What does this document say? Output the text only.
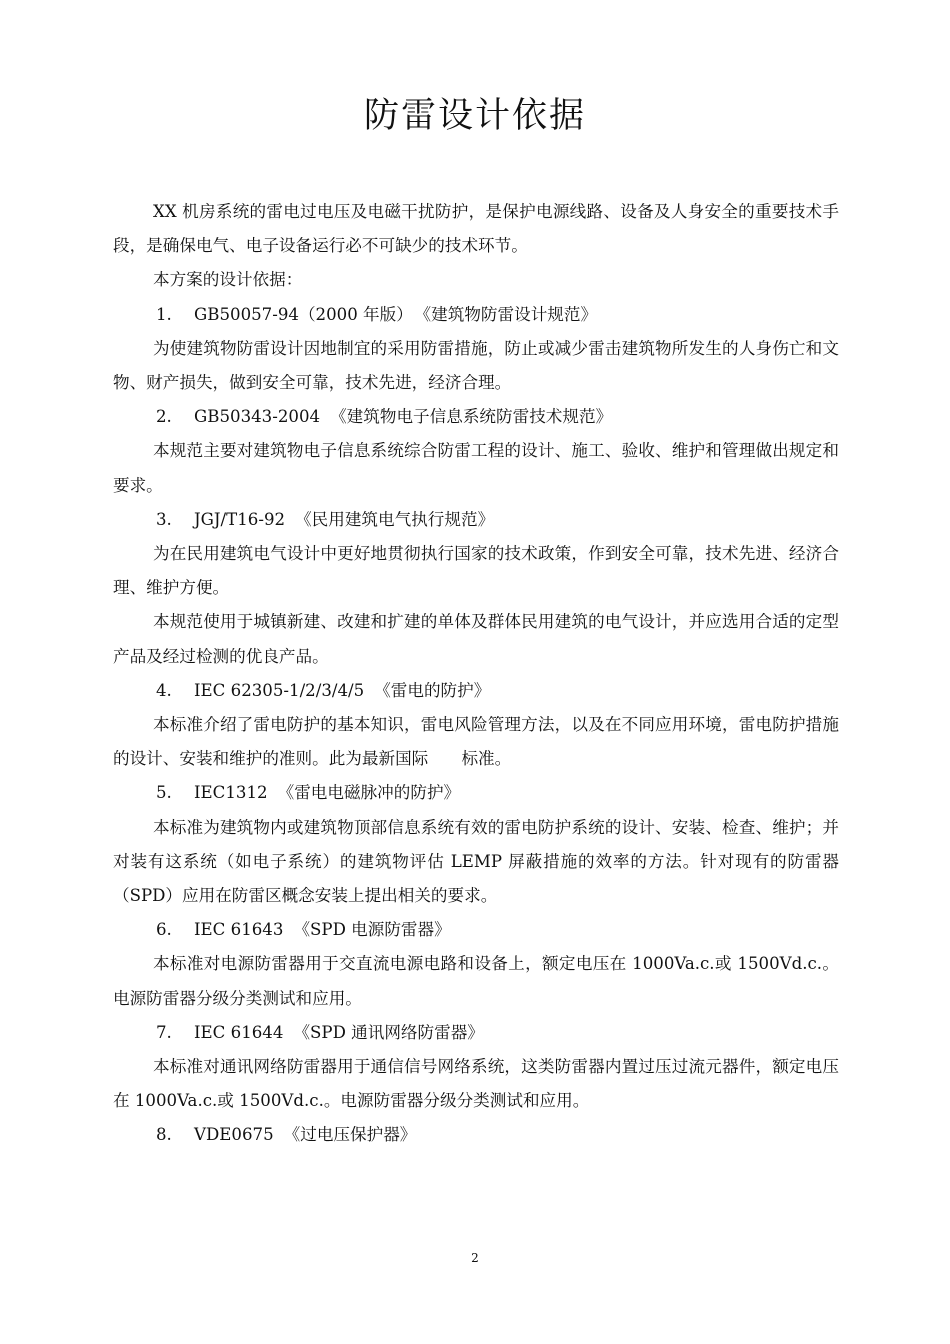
防雷设计依据

XX 机房系统的雷电过电压及电磁干扰防护，是保护电源线路、设备及人身安全的重要技术手段，是确保电气、电子设备运行必不可缺少的技术环节。

本方案的设计依据：

1. GB50057-94（2000 年版） 《建筑物防雷设计规范》

为使建筑物防雷设计因地制宜的采用防雷措施，防止或减少雷击建筑物所发生的人身伤亡和文物、财产损失，做到安全可靠，技术先进，经济合理。

2. GB50343-2004 《建筑物电子信息系统防雷技术规范》

本规范主要对建筑物电子信息系统综合防雷工程的设计、施工、验收、维护和管理做出规定和要求。

3. JGJ/T16-92 《民用建筑电气执行规范》

为在民用建筑电气设计中更好地贯彻执行国家的技术政策，作到安全可靠，技术先进、经济合理、维护方便。

本规范使用于城镇新建、改建和扩建的单体及群体民用建筑的电气设计，并应选用合适的定型产品及经过检测的优良产品。

4. IEC 62305-1/2/3/4/5 《雷电的防护》

本标准介绍了雷电防护的基本知识，雷电风险管理方法，以及在不同应用环境，雷电防护措施的设计、安装和维护的准则。此为最新国际　　标准。

5. IEC1312 《雷电电磁脉冲的防护》

本标准为建筑物内或建筑物顶部信息系统有效的雷电防护系统的设计、安装、检查、维护；并对装有这系统（如电子系统）的建筑物评估 LEMP 屏蔽措施的效率的方法。针对现有的防雷器（SPD）应用在防雷区概念安装上提出相关的要求。

6. IEC 61643 《SPD 电源防雷器》

本标准对电源防雷器用于交直流电源电路和设备上，额定电压在 1000Va.c.或 1500Vd.c.。电源防雷器分级分类测试和应用。

7. IEC 61644 《SPD 通讯网络防雷器》

本标准对通讯网络防雷器用于通信信号网络系统，这类防雷器内置过压过流元器件，额定电压在 1000Va.c.或 1500Vd.c.。电源防雷器分级分类测试和应用。

8. VDE0675 《过电压保护器》

2
